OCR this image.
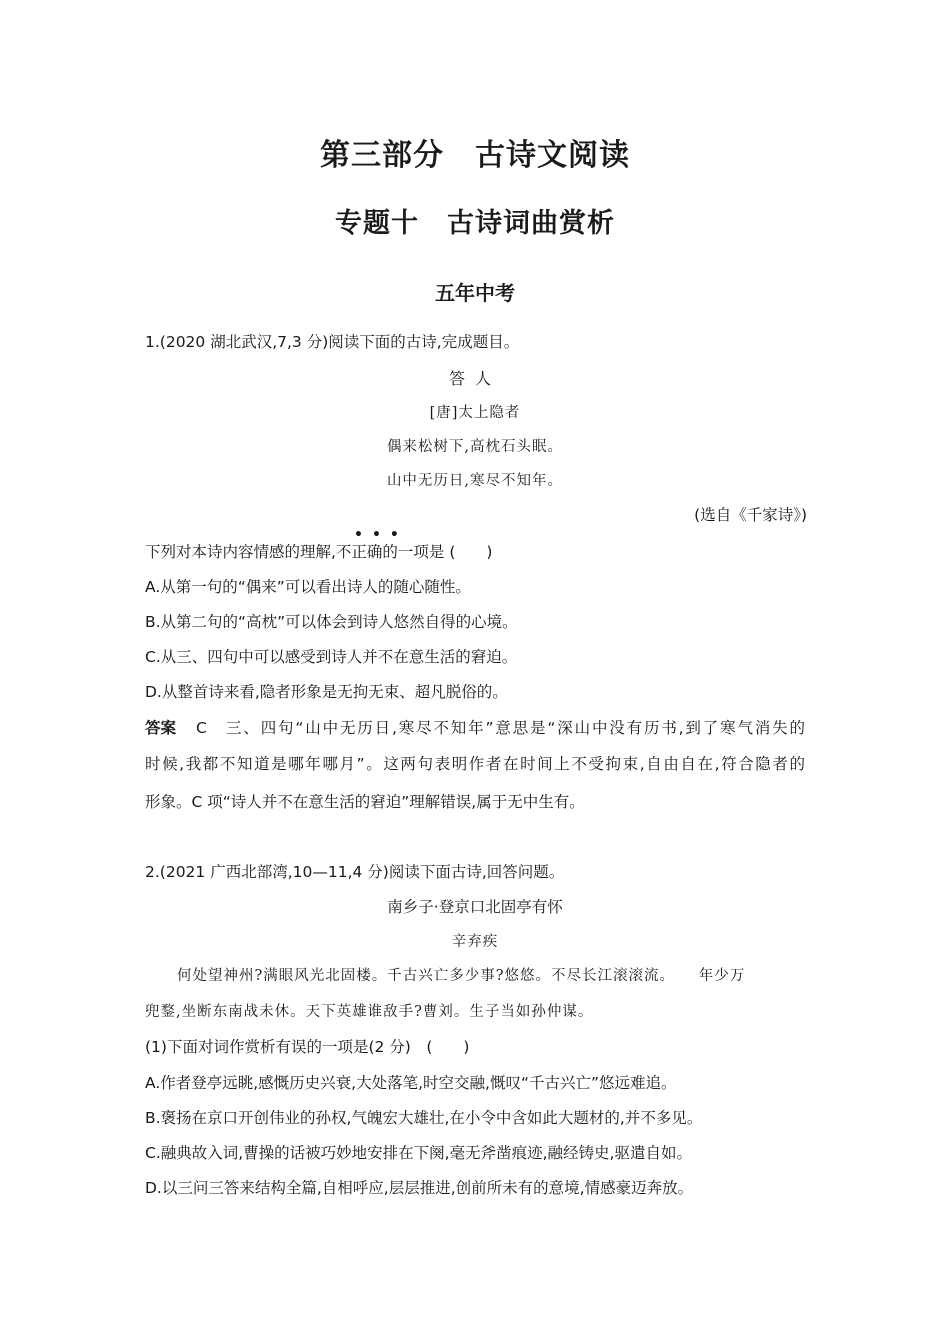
第三部分　古诗文阅读
专题十　古诗词曲赏析
五年中考
1.(2020 湖北武汉,7,3 分)阅读下面的古诗,完成题目。
答人
[唐]太上隐者
偶来松树下,高枕石头眠。
山中无历日,寒尽不知年。
(选自《千家诗》)
•••
下列对本诗内容情感的理解,不正确的一项是 (　　)
A.从第一句的“偶来”可以看出诗人的随心随性。
B.从第二句的“高枕”可以体会到诗人悠然自得的心境。
C.从三、四句中可以感受到诗人并不在意生活的窘迫。
D.从整首诗来看,隐者形象是无拘无束、超凡脱俗的。
答案 C　三、四句“山中无历日,寒尽不知年”意思是“深山中没有历书,到了寒气消失的
时候,我都不知道是哪年哪月”。这两句表明作者在时间上不受拘束,自由自在,符合隐者的
形象。C 项“诗人并不在意生活的窘迫”理解错误,属于无中生有。
2.(2021 广西北部湾,10—11,4 分)阅读下面古诗,回答问题。
南乡子·登京口北固亭有怀
辛弃疾
何处望神州?满眼风光北固楼。千古兴亡多少事?悠悠。不尽长江滚滚流。　　年少万
兜鍪,坐断东南战未休。天下英雄谁敌手?曹刘。生子当如孙仲谋。
(1)下面对词作赏析有误的一项是(2 分)　(　　)
A.作者登亭远眺,感慨历史兴衰,大处落笔,时空交融,慨叹“千古兴亡”悠远难追。
B.褒扬在京口开创伟业的孙权,气魄宏大雄壮,在小令中含如此大题材的,并不多见。
C.融典故入词,曹操的话被巧妙地安排在下阕,毫无斧凿痕迹,融经铸史,驱遣自如。
D.以三问三答来结构全篇,自相呼应,层层推进,创前所未有的意境,情感豪迈奔放。
